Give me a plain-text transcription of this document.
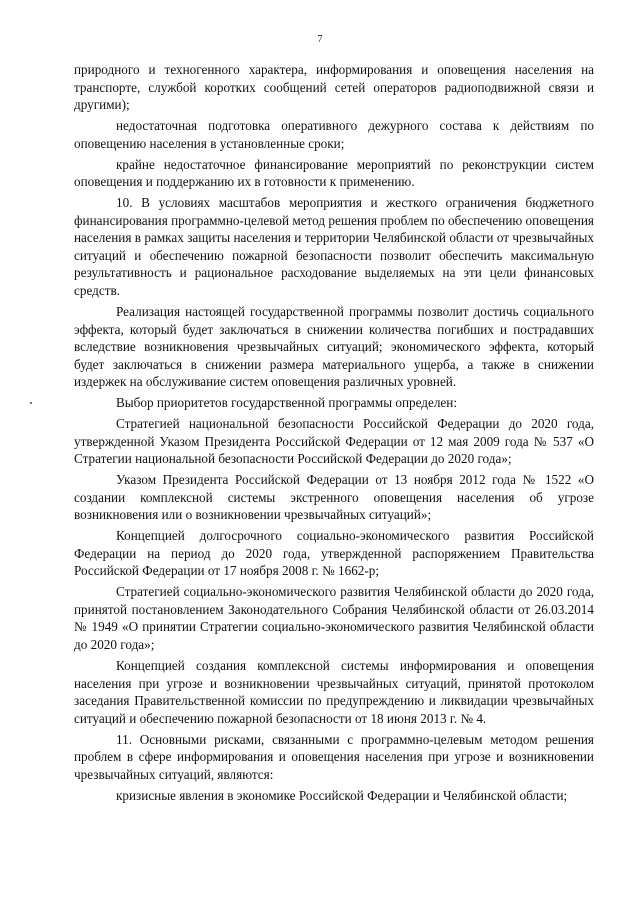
7

природного и техногенного характера, информирования и оповещения населения на транспорте, службой коротких сообщений сетей операторов радиоподвижной связи и другими);

недостаточная подготовка оперативного дежурного состава к действиям по оповещению населения в установленные сроки;

крайне недостаточное финансирование мероприятий по реконструкции систем оповещения и поддержанию их в готовности к применению.

10. В условиях масштабов мероприятия и жесткого ограничения бюджетного финансирования программно-целевой метод решения проблем по обеспечению оповещения населения в рамках защиты населения и территории Челябинской области от чрезвычайных ситуаций и обеспечению пожарной безопасности позволит обеспечить максимальную результативность и рациональное расходование выделяемых на эти цели финансовых средств.

Реализация настоящей государственной программы позволит достичь социального эффекта, который будет заключаться в снижении количества погибших и пострадавших вследствие возникновения чрезвычайных ситуаций; экономического эффекта, который будет заключаться в снижении размера материального ущерба, а также в снижении издержек на обслуживание систем оповещения различных уровней.

Выбор приоритетов государственной программы определен:

Стратегией национальной безопасности Российской Федерации до 2020 года, утвержденной Указом Президента Российской Федерации от 12 мая 2009 года № 537 «О Стратегии национальной безопасности Российской Федерации до 2020 года»;

Указом Президента Российской Федерации от 13 ноября 2012 года № 1522 «О создании комплексной системы экстренного оповещения населения об угрозе возникновения или о возникновении чрезвычайных ситуаций»;

Концепцией долгосрочного социально-экономического развития Российской Федерации на период до 2020 года, утвержденной распоряжением Правительства Российской Федерации от 17 ноября 2008 г. № 1662-р;

Стратегией социально-экономического развития Челябинской области до 2020 года, принятой постановлением Законодательного Собрания Челябинской области от 26.03.2014 № 1949 «О принятии Стратегии социально-экономического развития Челябинской области до 2020 года»;

Концепцией создания комплексной системы информирования и оповещения населения при угрозе и возникновении чрезвычайных ситуаций, принятой протоколом заседания Правительственной комиссии по предупреждению и ликвидации чрезвычайных ситуаций и обеспечению пожарной безопасности от 18 июня 2013 г. № 4.

11. Основными рисками, связанными с программно-целевым методом решения проблем в сфере информирования и оповещения населения при угрозе и возникновении чрезвычайных ситуаций, являются:

кризисные явления в экономике Российской Федерации и Челябинской области;
